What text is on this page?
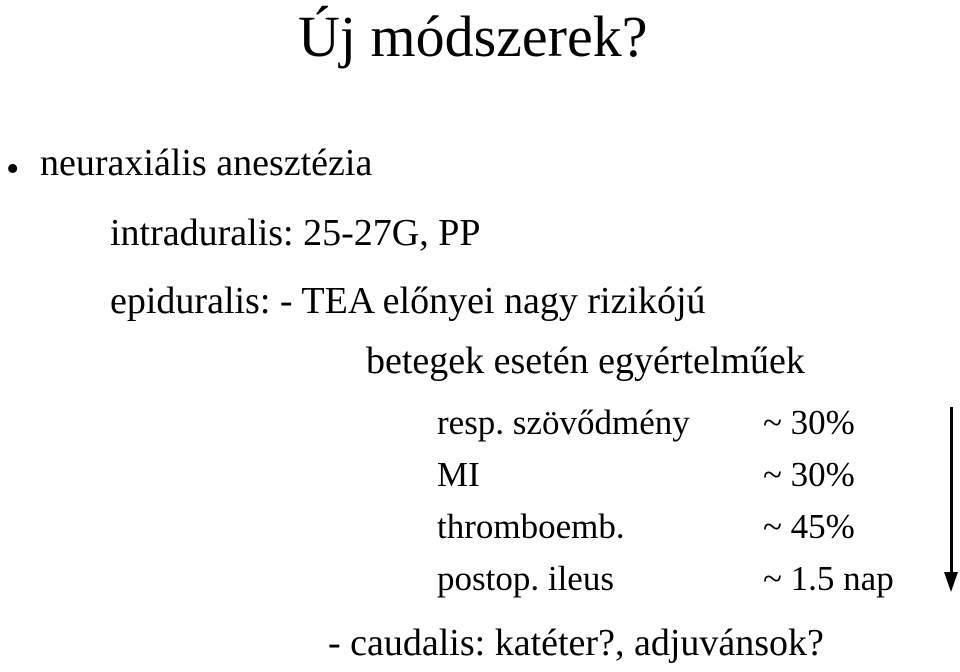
Új módszerek?
• neuraxiális anesztézia
intraduralis: 25-27G, PP
epiduralis: - TEA előnyei nagy rizikójú
betegek esetén egyértelműek
resp. szövődmény ~ 30%
MI	~ 30%
thromboemb.	~ 45%
postop. ileus	~ 1.5 nap
- caudalis: katéter?, adjuvánsok?
